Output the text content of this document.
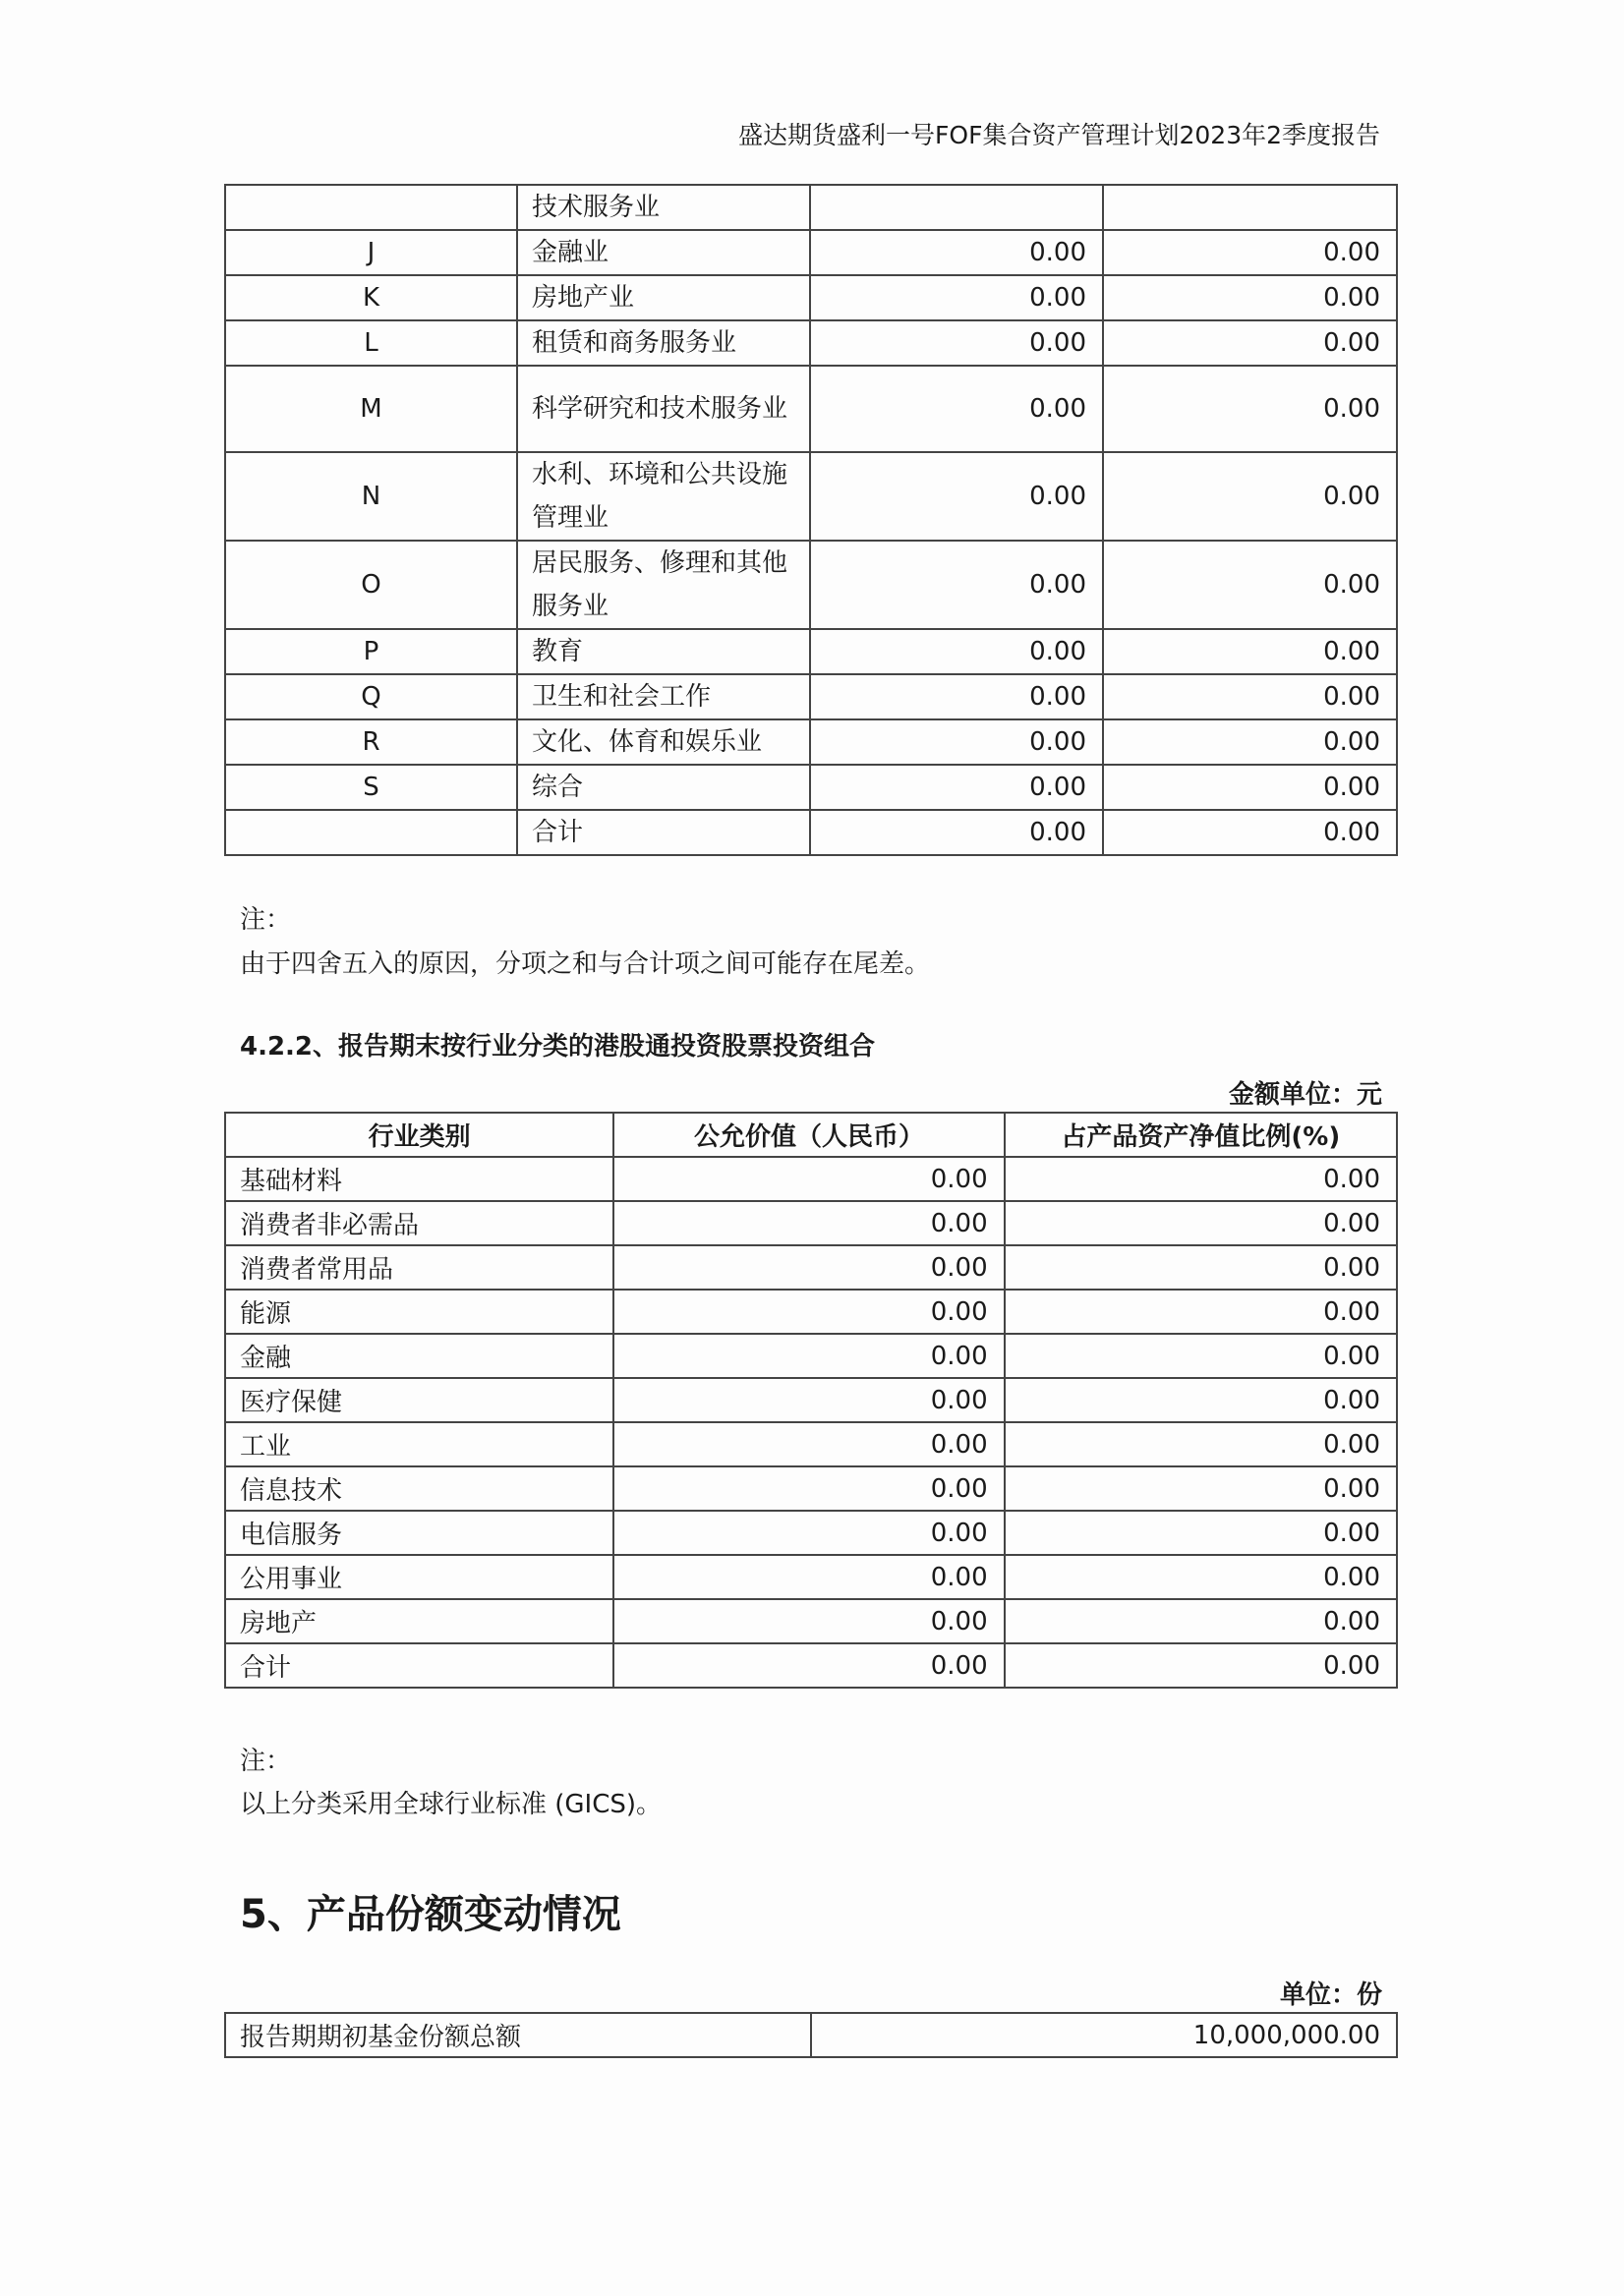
盛达期货盛利一号FOF集合资产管理计划2023年2季度报告
	技术服务业		
J	金融业	0.00	0.00
K	房地产业	0.00	0.00
L	租赁和商务服务业	0.00	0.00
M	科学研究和技术服务业	0.00	0.00
N	水利、环境和公共设施管理业	0.00	0.00
O	居民服务、修理和其他服务业	0.00	0.00
P	教育	0.00	0.00
Q	卫生和社会工作	0.00	0.00
R	文化、体育和娱乐业	0.00	0.00
S	综合	0.00	0.00
	合计	0.00	0.00
注：
由于四舍五入的原因，分项之和与合计项之间可能存在尾差。
4.2.2、报告期末按行业分类的港股通投资股票投资组合
金额单位：元
行业类别	公允价值（人民币）	占产品资产净值比例(%)
基础材料	0.00	0.00
消费者非必需品	0.00	0.00
消费者常用品	0.00	0.00
能源	0.00	0.00
金融	0.00	0.00
医疗保健	0.00	0.00
工业	0.00	0.00
信息技术	0.00	0.00
电信服务	0.00	0.00
公用事业	0.00	0.00
房地产	0.00	0.00
合计	0.00	0.00
注：
以上分类采用全球行业标准 (GICS)。
5、产品份额变动情况
单位：份
报告期期初基金份额总额	10,000,000.00
